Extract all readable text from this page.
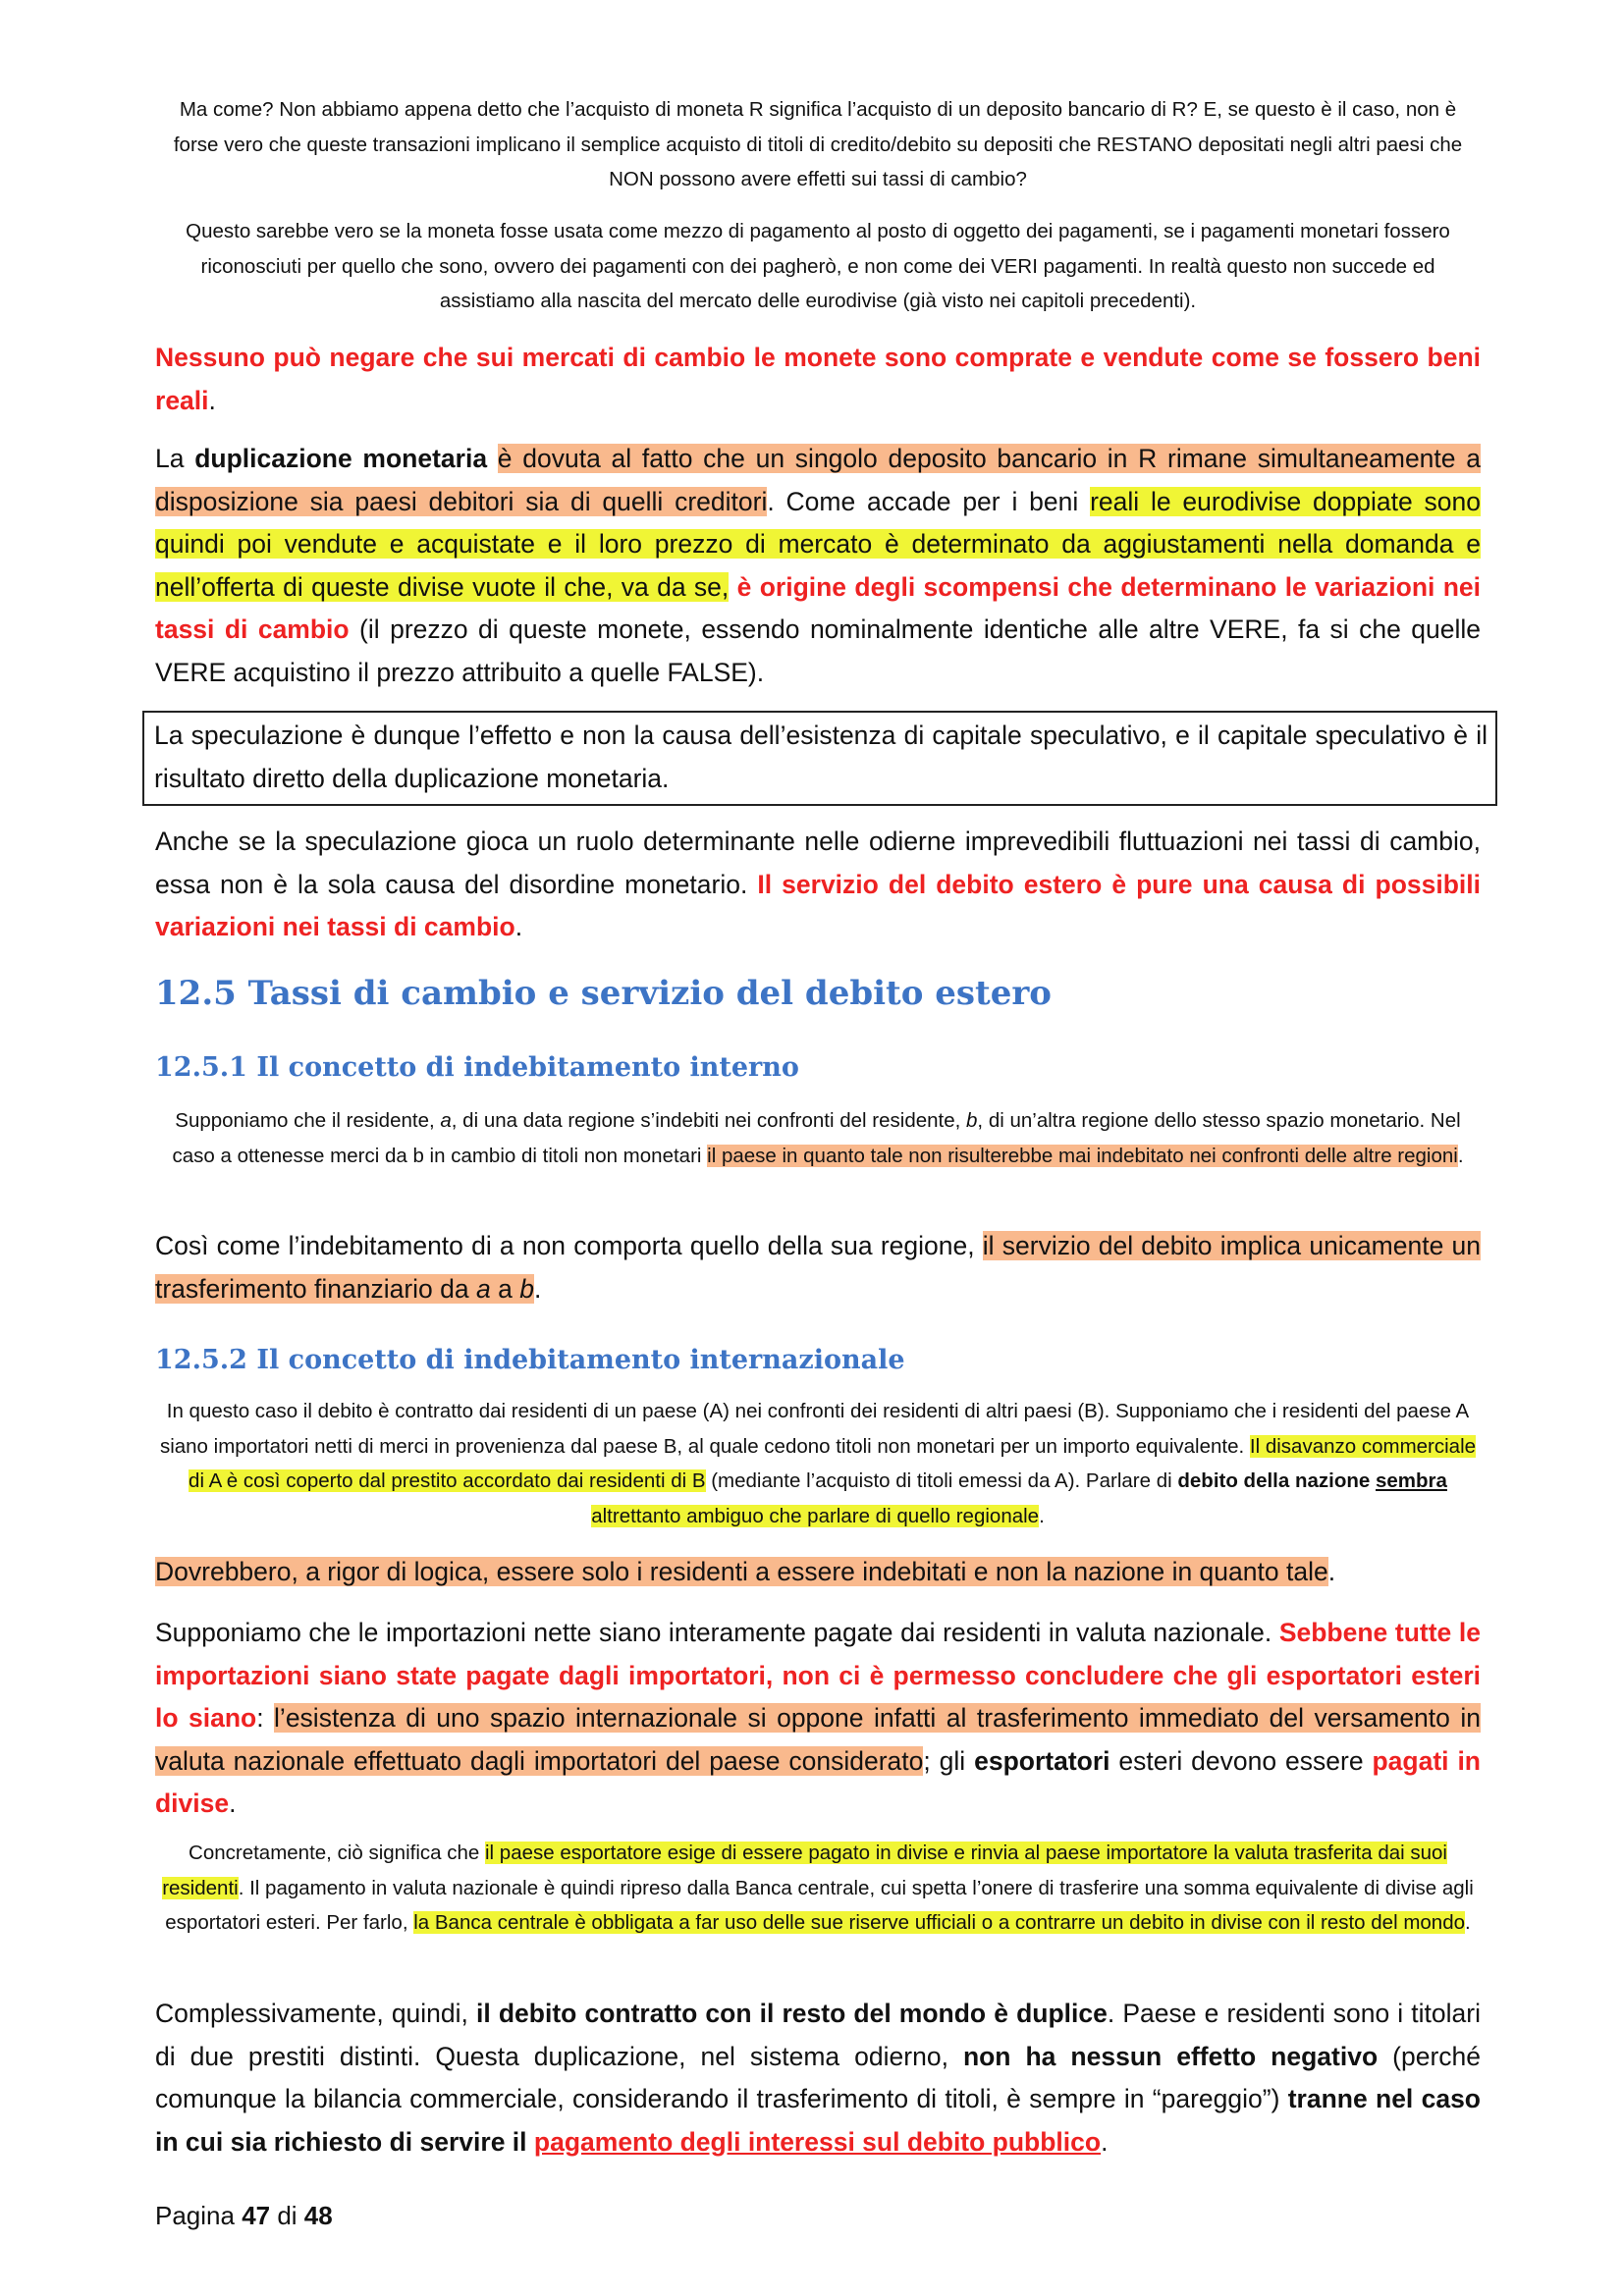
Ma come? Non abbiamo appena detto che l’acquisto di moneta R significa l’acquisto di un deposito bancario di R? E, se questo è il caso, non è forse vero che queste transazioni implicano il semplice acquisto di titoli di credito/debito su depositi che RESTANO depositati negli altri paesi che NON possono avere effetti sui tassi di cambio?

Questo sarebbe vero se la moneta fosse usata come mezzo di pagamento al posto di oggetto dei pagamenti, se i pagamenti monetari fossero riconosciuti per quello che sono, ovvero dei pagamenti con dei pagherò, e non come dei VERI pagamenti. In realtà questo non succede ed assistiamo alla nascita del mercato delle eurodivise (già visto nei capitoli precedenti).

Nessuno può negare che sui mercati di cambio le monete sono comprate e vendute come se fossero beni reali.

La duplicazione monetaria è dovuta al fatto che un singolo deposito bancario in R rimane simultaneamente a disposizione sia paesi debitori sia di quelli creditori. Come accade per i beni reali le eurodivise doppiate sono quindi poi vendute e acquistate e il loro prezzo di mercato è determinato da aggiustamenti nella domanda e nell’offerta di queste divise vuote il che, va da se, è origine degli scompensi che determinano le variazioni nei tassi di cambio (il prezzo di queste monete, essendo nominalmente identiche alle altre VERE, fa si che quelle VERE acquistino il prezzo attribuito a quelle FALSE).

La speculazione è dunque l’effetto e non la causa dell’esistenza di capitale speculativo, e il capitale speculativo è il risultato diretto della duplicazione monetaria.

Anche se la speculazione gioca un ruolo determinante nelle odierne imprevedibili fluttuazioni nei tassi di cambio, essa non è la sola causa del disordine monetario. Il servizio del debito estero è pure una causa di possibili variazioni nei tassi di cambio.

12.5 Tassi di cambio e servizio del debito estero
12.5.1 Il concetto di indebitamento interno

Supponiamo che il residente, a, di una data regione s’indebiti nei confronti del residente, b, di un’altra regione dello stesso spazio monetario. Nel caso a ottenesse merci da b in cambio di titoli non monetari il paese in quanto tale non risulterebbe mai indebitato nei confronti delle altre regioni.

Così come l’indebitamento di a non comporta quello della sua regione, il servizio del debito implica unicamente un trasferimento finanziario da a a b.

12.5.2 Il concetto di indebitamento internazionale

In questo caso il debito è contratto dai residenti di un paese (A) nei confronti dei residenti di altri paesi (B). Supponiamo che i residenti del paese A siano importatori netti di merci in provenienza dal paese B, al quale cedono titoli non monetari per un importo equivalente. Il disavanzo commerciale di A è così coperto dal prestito accordato dai residenti di B (mediante l’acquisto di titoli emessi da A). Parlare di debito della nazione sembra altrettanto ambiguo che parlare di quello regionale.

Dovrebbero, a rigor di logica, essere solo i residenti a essere indebitati e non la nazione in quanto tale.

Supponiamo che le importazioni nette siano interamente pagate dai residenti in valuta nazionale. Sebbene tutte le importazioni siano state pagate dagli importatori, non ci è permesso concludere che gli esportatori esteri lo siano: l’esistenza di uno spazio internazionale si oppone infatti al trasferimento immediato del versamento in valuta nazionale effettuato dagli importatori del paese considerato; gli esportatori esteri devono essere pagati in divise.

Concretamente, ciò significa che il paese esportatore esige di essere pagato in divise e rinvia al paese importatore la valuta trasferita dai suoi residenti. Il pagamento in valuta nazionale è quindi ripreso dalla Banca centrale, cui spetta l’onere di trasferire una somma equivalente di divise agli esportatori esteri. Per farlo, la Banca centrale è obbligata a far uso delle sue riserve ufficiali o a contrarre un debito in divise con il resto del mondo.

Complessivamente, quindi, il debito contratto con il resto del mondo è duplice. Paese e residenti sono i titolari di due prestiti distinti. Questa duplicazione, nel sistema odierno, non ha nessun effetto negativo (perché comunque la bilancia commerciale, considerando il trasferimento di titoli, è sempre in “pareggio”) tranne nel caso in cui sia richiesto di servire il pagamento degli interessi sul debito pubblico.

Pagina 47 di 48
